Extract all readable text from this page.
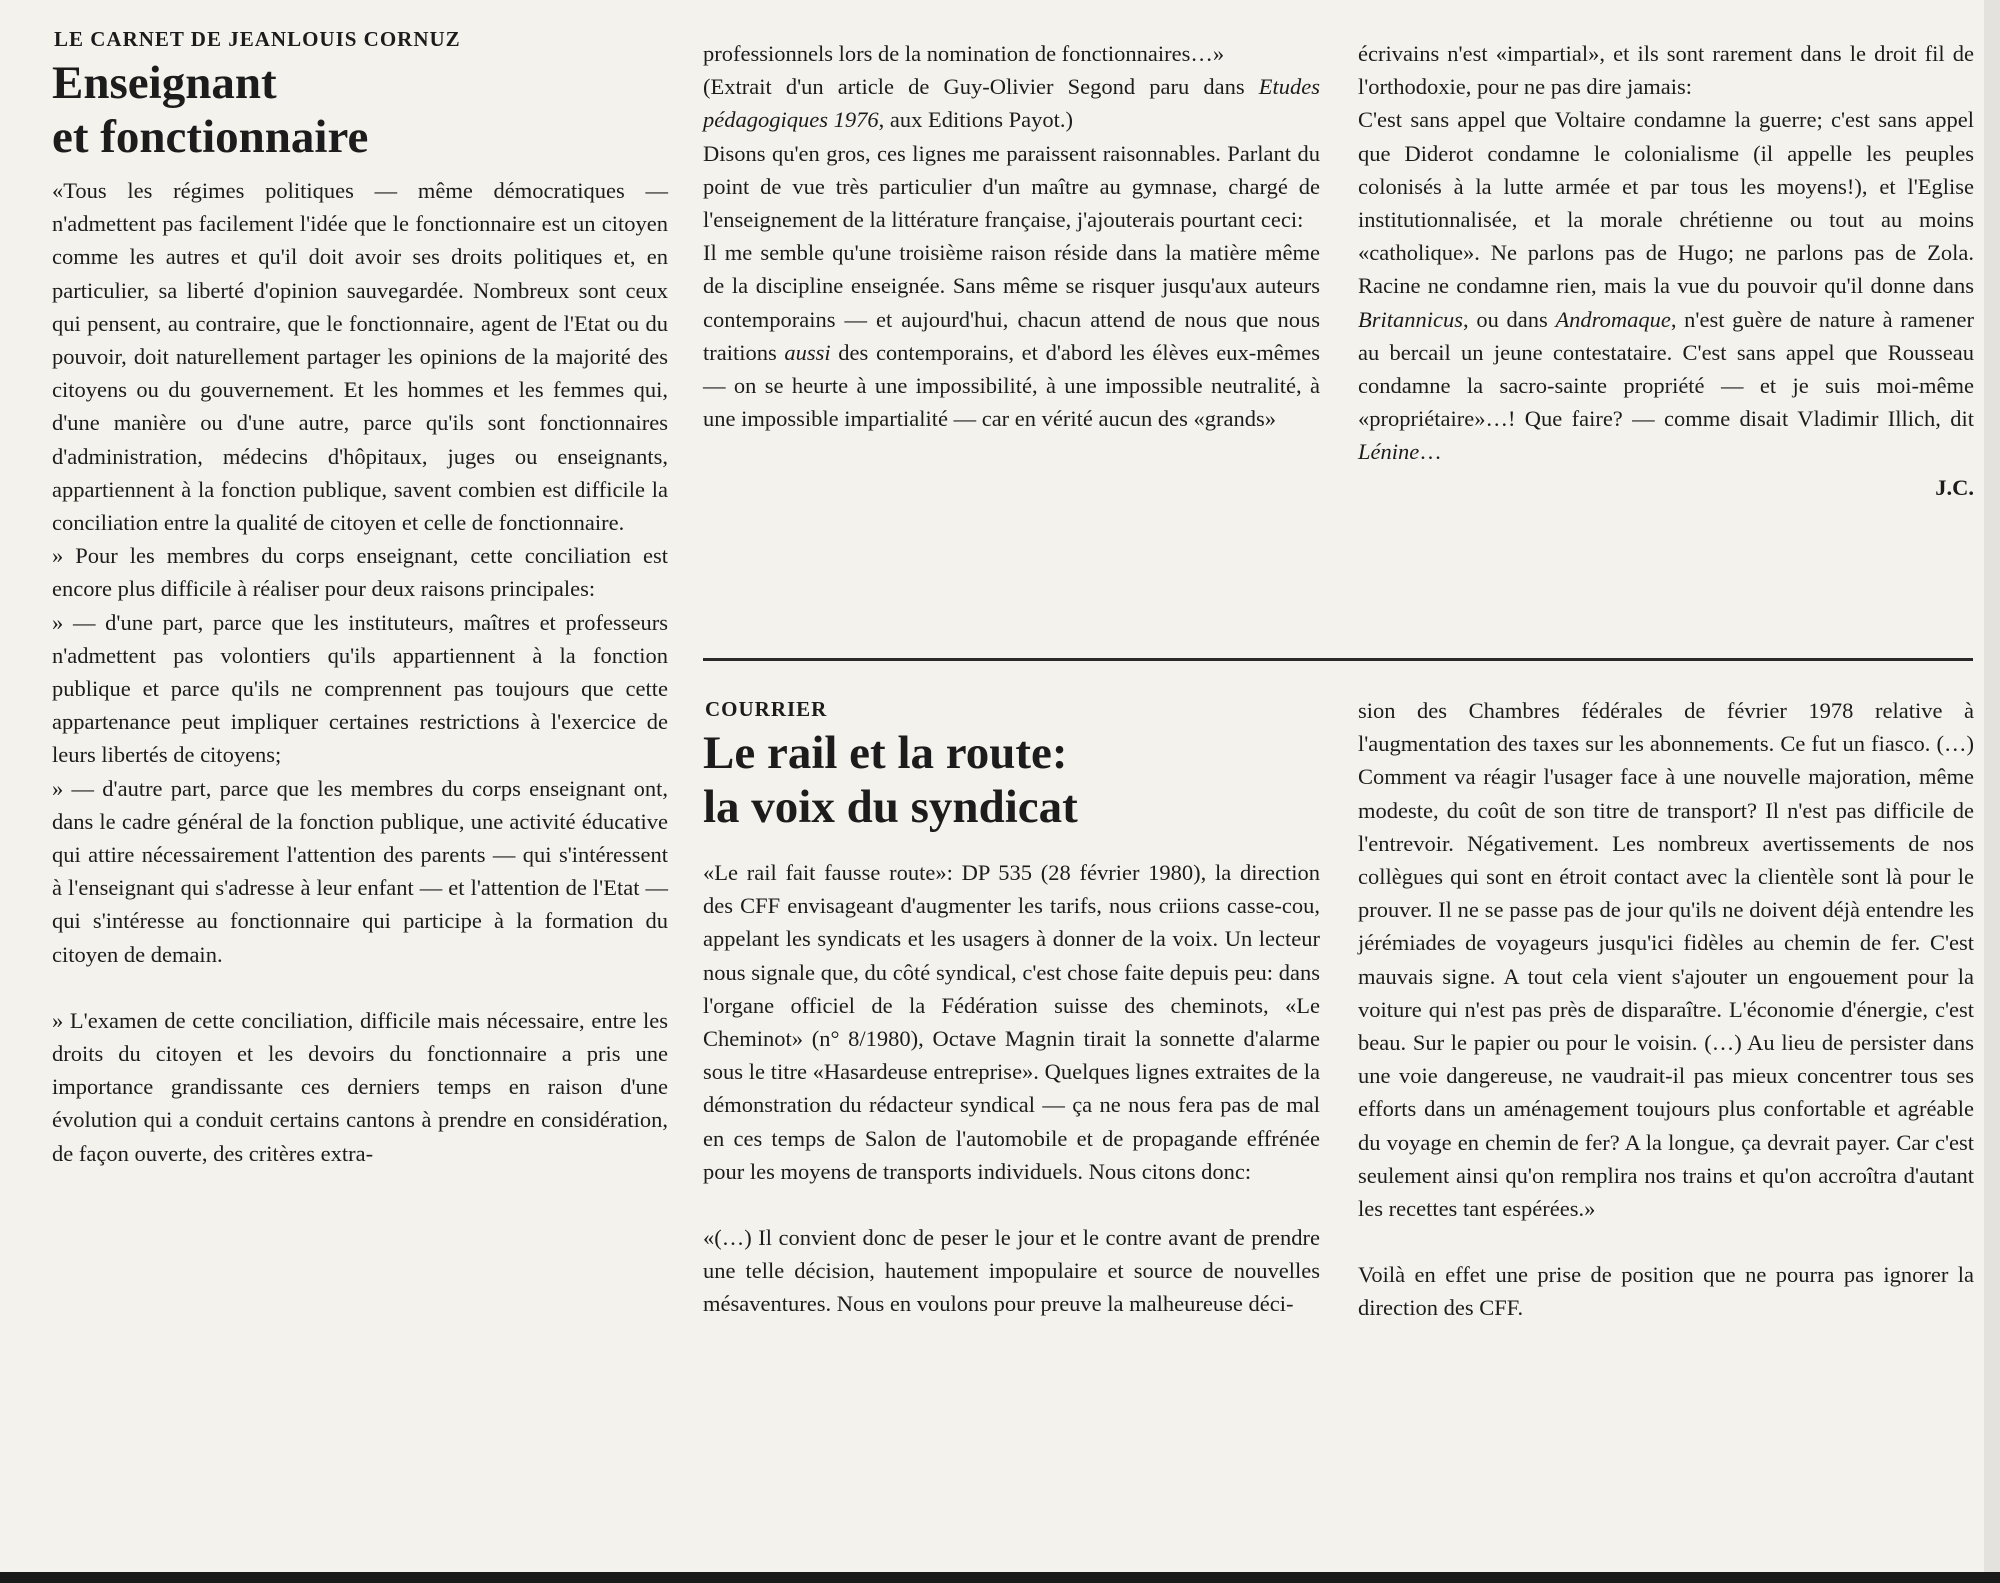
LE CARNET DE JEANLOUIS CORNUZ
Enseignant
et fonctionnaire

«Tous les régimes politiques — même démocratiques — n'admettent pas facilement l'idée que le fonctionnaire est un citoyen comme les autres et qu'il doit avoir ses droits politiques et, en particulier, sa liberté d'opinion sauvegardée. Nombreux sont ceux qui pensent, au contraire, que le fonctionnaire, agent de l'Etat ou du pouvoir, doit naturellement partager les opinions de la majorité des citoyens ou du gouvernement. Et les hommes et les femmes qui, d'une manière ou d'une autre, parce qu'ils sont fonctionnaires d'administration, médecins d'hôpitaux, juges ou enseignants, appartiennent à la fonction publique, savent combien est difficile la conciliation entre la qualité de citoyen et celle de fonctionnaire.

» Pour les membres du corps enseignant, cette conciliation est encore plus difficile à réaliser pour deux raisons principales:

» — d'une part, parce que les instituteurs, maîtres et professeurs n'admettent pas volontiers qu'ils appartiennent à la fonction publique et parce qu'ils ne comprennent pas toujours que cette appartenance peut impliquer certaines restrictions à l'exercice de leurs libertés de citoyens;

» — d'autre part, parce que les membres du corps enseignant ont, dans le cadre général de la fonction publique, une activité éducative qui attire nécessairement l'attention des parents — qui s'intéressent à l'enseignant qui s'adresse à leur enfant — et l'attention de l'Etat — qui s'intéresse au fonctionnaire qui participe à la formation du citoyen de demain.

» L'examen de cette conciliation, difficile mais nécessaire, entre les droits du citoyen et les devoirs du fonctionnaire a pris une importance grandissante ces derniers temps en raison d'une évolution qui a conduit certains cantons à prendre en considération, de façon ouverte, des critères extra-

professionnels lors de la nomination de fonctionnaires…»

(Extrait d'un article de Guy-Olivier Segond paru dans Etudes pédagogiques 1976, aux Editions Payot.)

Disons qu'en gros, ces lignes me paraissent raisonnables. Parlant du point de vue très particulier d'un maître au gymnase, chargé de l'enseignement de la littérature française, j'ajouterais pourtant ceci:

Il me semble qu'une troisième raison réside dans la matière même de la discipline enseignée. Sans même se risquer jusqu'aux auteurs contemporains — et aujourd'hui, chacun attend de nous que nous traitions aussi des contemporains, et d'abord les élèves eux-mêmes — on se heurte à une impossibilité, à une impossible neutralité, à une impossible impartialité — car en vérité aucun des «grands»

écrivains n'est «impartial», et ils sont rarement dans le droit fil de l'orthodoxie, pour ne pas dire jamais:

C'est sans appel que Voltaire condamne la guerre; c'est sans appel que Diderot condamne le colonialisme (il appelle les peuples colonisés à la lutte armée et par tous les moyens!), et l'Eglise institutionnalisée, et la morale chrétienne ou tout au moins «catholique». Ne parlons pas de Hugo; ne parlons pas de Zola. Racine ne condamne rien, mais la vue du pouvoir qu'il donne dans Britannicus, ou dans Andromaque, n'est guère de nature à ramener au bercail un jeune contestataire. C'est sans appel que Rousseau condamne la sacro-sainte propriété — et je suis moi-même «propriétaire»…! Que faire? — comme disait Vladimir Illich, dit Lénine…

J.C.
COURRIER
Le rail et la route:
la voix du syndicat

«Le rail fait fausse route»: DP 535 (28 février 1980), la direction des CFF envisageant d'augmenter les tarifs, nous criions casse-cou, appelant les syndicats et les usagers à donner de la voix. Un lecteur nous signale que, du côté syndical, c'est chose faite depuis peu: dans l'organe officiel de la Fédération suisse des cheminots, «Le Cheminot» (n° 8/1980), Octave Magnin tirait la sonnette d'alarme sous le titre «Hasardeuse entreprise». Quelques lignes extraites de la démonstration du rédacteur syndical — ça ne nous fera pas de mal en ces temps de Salon de l'automobile et de propagande effrénée pour les moyens de transports individuels. Nous citons donc:

«(…) Il convient donc de peser le jour et le contre avant de prendre une telle décision, hautement impopulaire et source de nouvelles mésaventures. Nous en voulons pour preuve la malheureuse déci-

sion des Chambres fédérales de février 1978 relative à l'augmentation des taxes sur les abonnements. Ce fut un fiasco. (…) Comment va réagir l'usager face à une nouvelle majoration, même modeste, du coût de son titre de transport? Il n'est pas difficile de l'entrevoir. Négativement. Les nombreux avertissements de nos collègues qui sont en étroit contact avec la clientèle sont là pour le prouver. Il ne se passe pas de jour qu'ils ne doivent déjà entendre les jérémiades de voyageurs jusqu'ici fidèles au chemin de fer. C'est mauvais signe. A tout cela vient s'ajouter un engouement pour la voiture qui n'est pas près de disparaître. L'économie d'énergie, c'est beau. Sur le papier ou pour le voisin. (…) Au lieu de persister dans une voie dangereuse, ne vaudrait-il pas mieux concentrer tous ses efforts dans un aménagement toujours plus confortable et agréable du voyage en chemin de fer? A la longue, ça devrait payer. Car c'est seulement ainsi qu'on remplira nos trains et qu'on accroîtra d'autant les recettes tant espérées.»

Voilà en effet une prise de position que ne pourra pas ignorer la direction des CFF.
